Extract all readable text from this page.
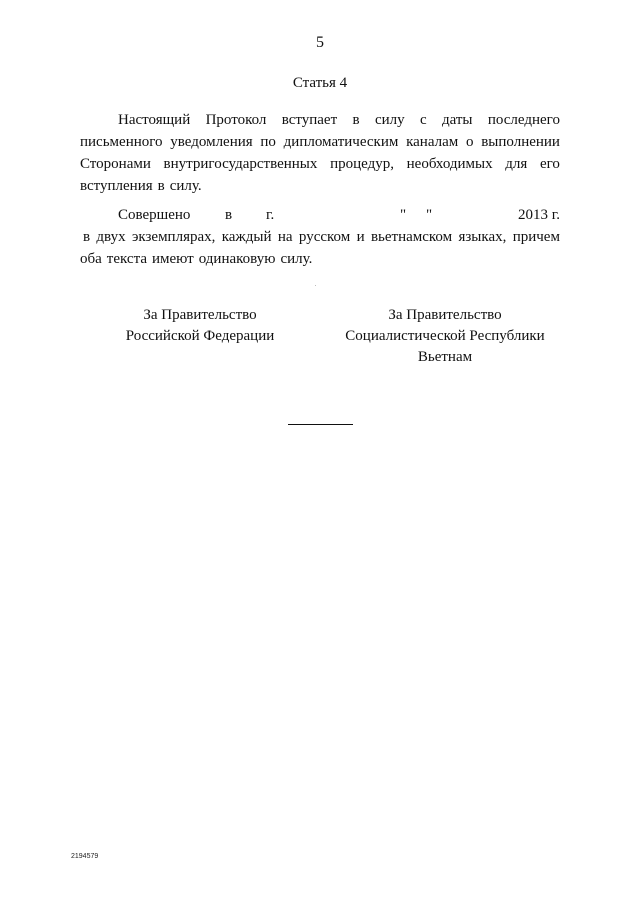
5
Статья 4
Настоящий Протокол вступает в силу с даты последнего
письменного уведомления по дипломатическим каналам о выполнении
Сторонами внутригосударственных процедур, необходимых для его
вступления в силу.
Совершено в г.	" "	2013 г.
в двух экземплярах, каждый на русском и вьетнамском языках, причем
оба текста имеют одинаковую силу.
За Правительство
Российской Федерации
За Правительство
Социалистической Республики
Вьетнам
2194579
